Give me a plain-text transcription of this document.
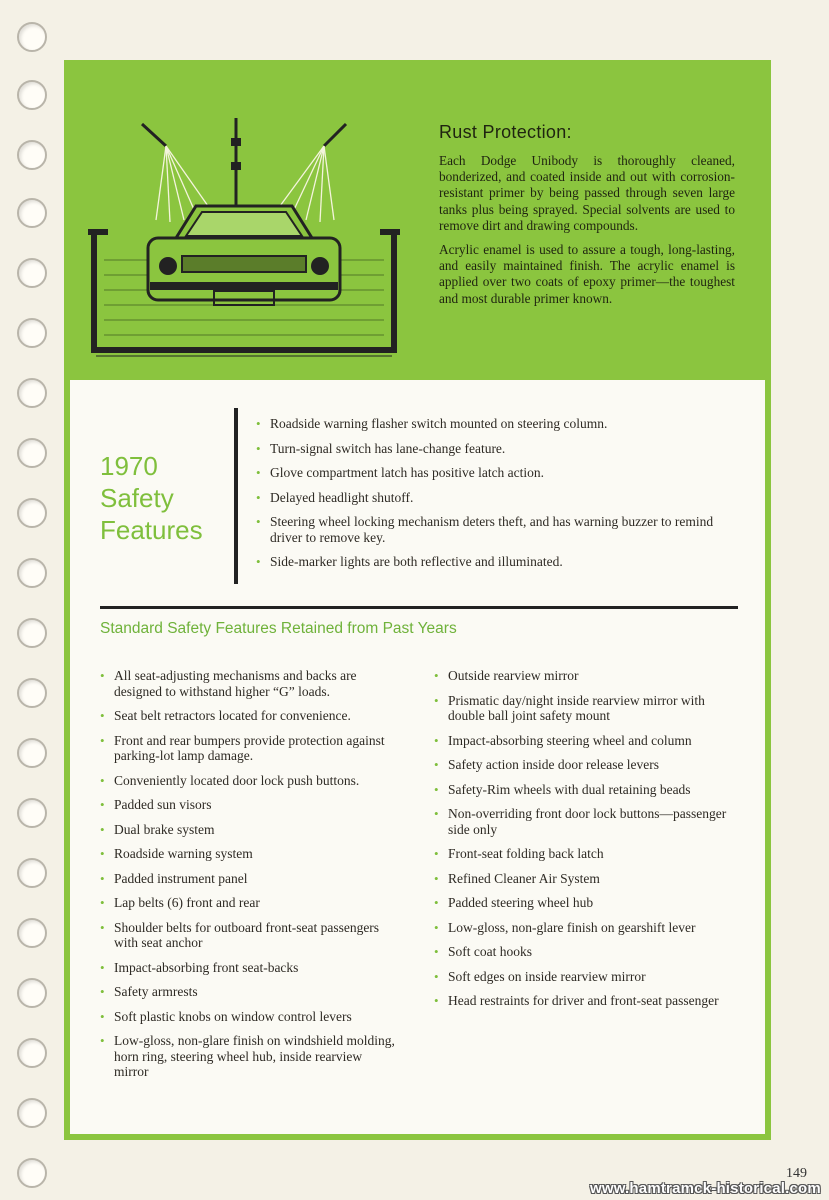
Rust Protection:

Each Dodge Unibody is thoroughly cleaned, bonderized, and coated inside and out with corrosion-resistant primer by being passed through seven large tanks plus being sprayed. Special solvents are used to remove dirt and drawing compounds.

Acrylic enamel is used to assure a tough, long-lasting, and easily maintained finish. The acrylic enamel is applied over two coats of epoxy primer—the toughest and most durable primer known.

1970
Safety
Features
• Roadside warning flasher switch mounted on steering column.
• Turn-signal switch has lane-change feature.
• Glove compartment latch has positive latch action.
• Delayed headlight shutoff.
• Steering wheel locking mechanism deters theft, and has warning buzzer to remind driver to remove key.
• Side-marker lights are both reflective and illuminated.
Standard Safety Features Retained from Past Years
• All seat-adjusting mechanisms and backs are designed to withstand higher “G” loads.
• Seat belt retractors located for convenience.
• Front and rear bumpers provide protection against parking-lot lamp damage.
• Conveniently located door lock push buttons.
• Padded sun visors
• Dual brake system
• Roadside warning system
• Padded instrument panel
• Lap belts (6) front and rear
• Shoulder belts for outboard front-seat passengers with seat anchor
• Impact-absorbing front seat-backs
• Safety armrests
• Soft plastic knobs on window control levers
• Low-gloss, non-glare finish on windshield molding, horn ring, steering wheel hub, inside rearview mirror
• Outside rearview mirror
• Prismatic day/night inside rearview mirror with double ball joint safety mount
• Impact-absorbing steering wheel and column
• Safety action inside door release levers
• Safety-Rim wheels with dual retaining beads
• Non-overriding front door lock buttons—passenger side only
• Front-seat folding back latch
• Refined Cleaner Air System
• Padded steering wheel hub
• Low-gloss, non-glare finish on gearshift lever
• Soft coat hooks
• Soft edges on inside rearview mirror
• Head restraints for driver and front-seat passenger
149
www.hamtramck-historical.com
